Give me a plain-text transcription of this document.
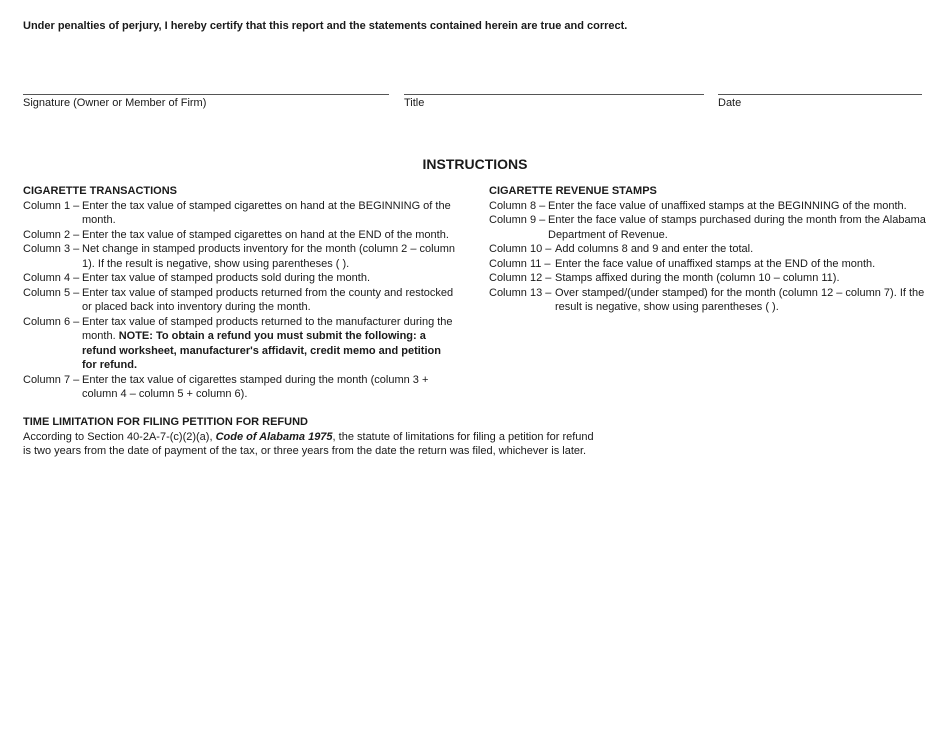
Under penalties of perjury, I hereby certify that this report and the statements contained herein are true and correct.
Signature (Owner or Member of Firm)	Title	Date
INSTRUCTIONS
CIGARETTE TRANSACTIONS
Column 1 – Enter the tax value of stamped cigarettes on hand at the BEGINNING of the month.
Column 2 – Enter the tax value of stamped cigarettes on hand at the END of the month.
Column 3 – Net change in stamped products inventory for the month (column 2 – column 1). If the result is negative, show using parentheses ( ).
Column 4 – Enter tax value of stamped products sold during the month.
Column 5 – Enter tax value of stamped products returned from the county and restocked or placed back into inventory during the month.
Column 6 – Enter tax value of stamped products returned to the manufacturer during the month. NOTE: To obtain a refund you must submit the following: a refund worksheet, manufacturer's affidavit, credit memo and petition for refund.
Column 7 – Enter the tax value of cigarettes stamped during the month (column 3 + column 4 – column 5 + column 6).
CIGARETTE REVENUE STAMPS
Column 8 – Enter the face value of unaffixed stamps at the BEGINNING of the month.
Column 9 – Enter the face value of stamps purchased during the month from the Alabama Department of Revenue.
Column 10 – Add columns 8 and 9 and enter the total.
Column 11 – Enter the face value of unaffixed stamps at the END of the month.
Column 12 – Stamps affixed during the month (column 10 – column 11).
Column 13 – Over stamped/(under stamped) for the month (column 12 – column 7). If the result is negative, show using parentheses ( ).
TIME LIMITATION FOR FILING PETITION FOR REFUND
According to Section 40-2A-7-(c)(2)(a), Code of Alabama 1975, the statute of limitations for filing a petition for refund is two years from the date of payment of the tax, or three years from the date the return was filed, whichever is later.
